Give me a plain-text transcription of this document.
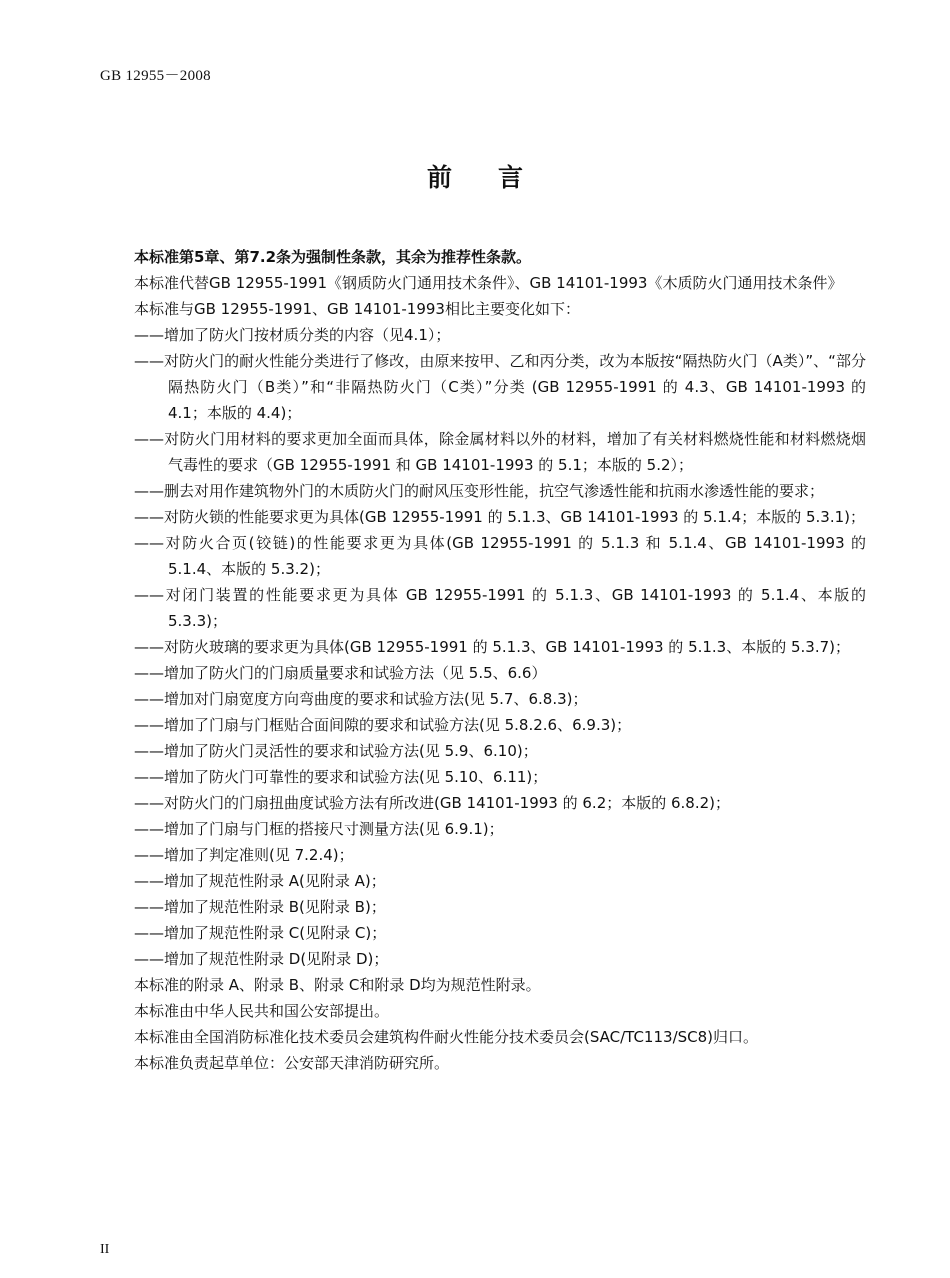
GB 12955－2008
前言

本标准第5章、第7.2条为强制性条款，其余为推荐性条款。

本标准代替GB 12955-1991《钢质防火门通用技术条件》、GB 14101-1993《木质防火门通用技术条件》

本标准与GB 12955-1991、GB 14101-1993相比主要变化如下：

——增加了防火门按材质分类的内容（见4.1）；

——对防火门的耐火性能分类进行了修改，由原来按甲、乙和丙分类，改为本版按“隔热防火门（A类）”、“部分隔热防火门（B类）”和“非隔热防火门（C类）”分类 (GB 12955-1991 的 4.3、GB 14101-1993 的 4.1；本版的 4.4)；

——对防火门用材料的要求更加全面而具体，除金属材料以外的材料，增加了有关材料燃烧性能和材料燃烧烟气毒性的要求（GB 12955-1991 和 GB 14101-1993 的 5.1；本版的 5.2）；

——删去对用作建筑物外门的木质防火门的耐风压变形性能，抗空气渗透性能和抗雨水渗透性能的要求；

——对防火锁的性能要求更为具体(GB 12955-1991 的 5.1.3、GB 14101-1993 的 5.1.4；本版的 5.3.1)；

——对防火合页(铰链)的性能要求更为具体(GB 12955-1991 的 5.1.3 和 5.1.4、GB 14101-1993 的 5.1.4、本版的 5.3.2)；

——对闭门装置的性能要求更为具体 GB 12955-1991 的 5.1.3、GB 14101-1993 的 5.1.4、本版的 5.3.3)；

——对防火玻璃的要求更为具体(GB 12955-1991 的 5.1.3、GB 14101-1993 的 5.1.3、本版的 5.3.7)；

——增加了防火门的门扇质量要求和试验方法（见 5.5、6.6）

——增加对门扇宽度方向弯曲度的要求和试验方法(见 5.7、6.8.3)；

——增加了门扇与门框贴合面间隙的要求和试验方法(见 5.8.2.6、6.9.3)；

——增加了防火门灵活性的要求和试验方法(见 5.9、6.10)；

——增加了防火门可靠性的要求和试验方法(见 5.10、6.11)；

——对防火门的门扇扭曲度试验方法有所改进(GB 14101-1993 的 6.2；本版的 6.8.2)；

——增加了门扇与门框的搭接尺寸测量方法(见 6.9.1)；

——增加了判定准则(见 7.2.4)；

——增加了规范性附录 A(见附录 A)；

——增加了规范性附录 B(见附录 B)；

——增加了规范性附录 C(见附录 C)；

——增加了规范性附录 D(见附录 D)；

本标准的附录 A、附录 B、附录 C和附录 D均为规范性附录。

本标准由中华人民共和国公安部提出。

本标准由全国消防标准化技术委员会建筑构件耐火性能分技术委员会(SAC/TC113/SC8)归口。

本标准负责起草单位：公安部天津消防研究所。

II
